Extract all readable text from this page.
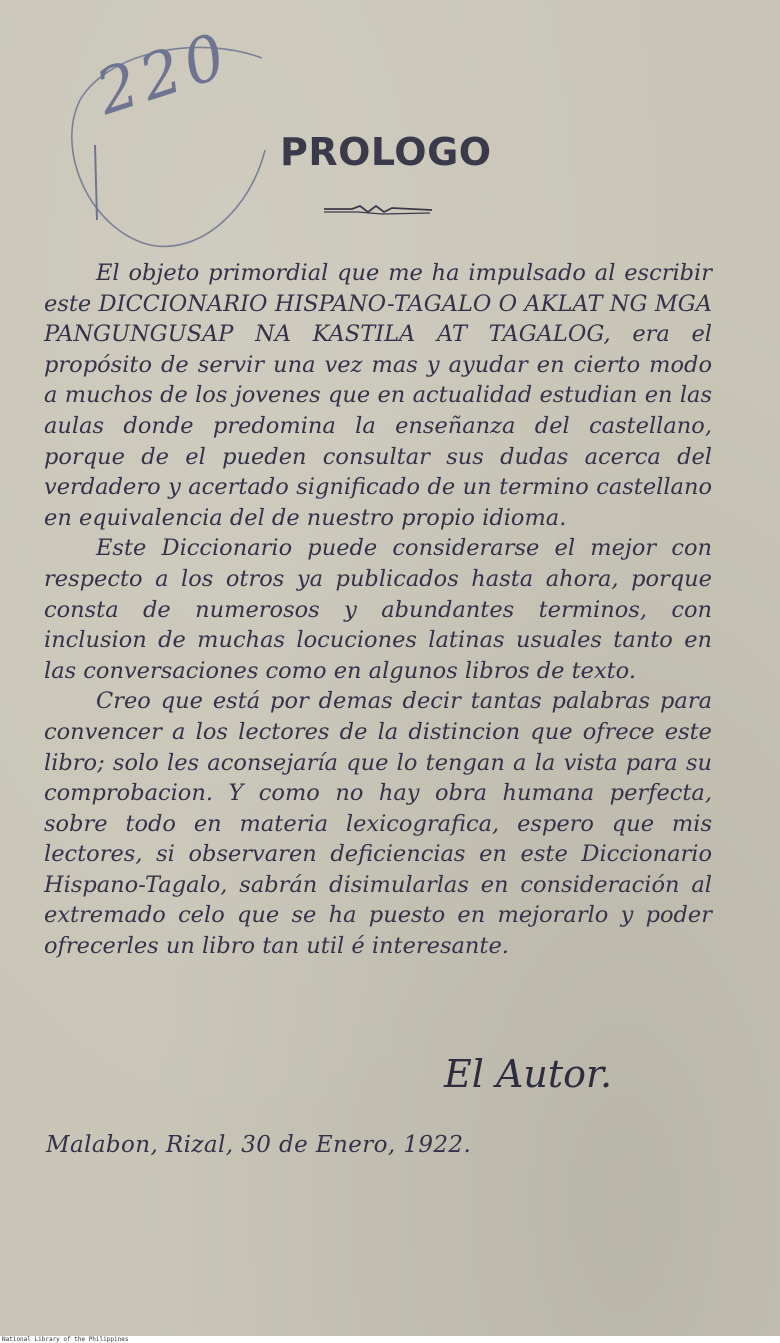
220
PROLOGO

El objeto primordial que me ha impulsado al escribir este DICCIONARIO HISPANO-TAGALO O AKLAT NG MGA PANGUNGUSAP NA KASTILA AT TAGALOG, era el propósito de servir una vez mas y ayudar en cierto modo a muchos de los jovenes que en actualidad estudian en las aulas donde predomina la enseñanza del castellano, porque de el pueden consultar sus dudas acerca del verdadero y acertado significado de un termino castellano en equivalencia del de nuestro propio idioma.

Este Diccionario puede considerarse el mejor con respecto a los otros ya publicados hasta ahora, porque consta de numerosos y abundantes terminos, con inclusion de muchas locuciones latinas usuales tanto en las conversaciones como en algunos libros de texto.

Creo que está por demas decir tantas palabras para convencer a los lectores de la distincion que ofrece este libro; solo les aconsejaría que lo tengan a la vista para su comprobacion. Y como no hay obra humana perfecta, sobre todo en materia lexicografica, espero que mis lectores, si observaren deficiencias en este Diccionario Hispano-Tagalo, sabrán disimularlas en consideración al extremado celo que se ha puesto en mejorarlo y poder ofrecerles un libro tan util é interesante.

El Autor.
Malabon, Rizal, 30 de Enero, 1922.
National Library of the Philippines
